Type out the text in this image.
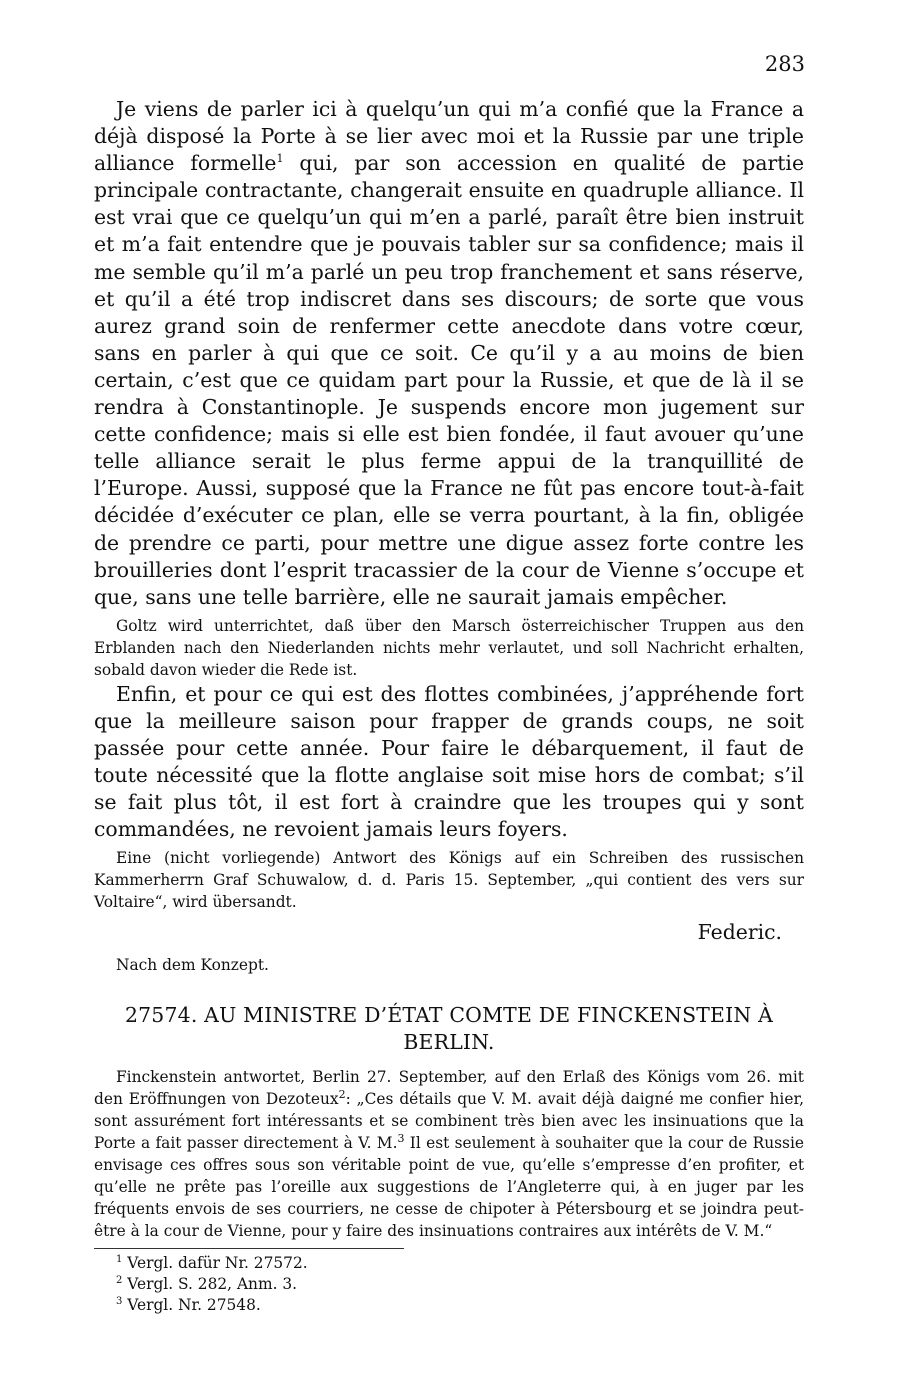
283

Je viens de parler ici à quelqu’un qui m’a confié que la France a déjà disposé la Porte à se lier avec moi et la Russie par une triple alliance formelle$^1$ qui, par son accession en qualité de partie principale contractante, changerait ensuite en quadruple alliance. Il est vrai que ce quelqu’un qui m’en a parlé, paraît être bien instruit et m’a fait entendre que je pouvais tabler sur sa confidence; mais il me semble qu’il m’a parlé un peu trop franchement et sans réserve, et qu’il a été trop indiscret dans ses discours; de sorte que vous aurez grand soin de renfermer cette anecdote dans votre cœur, sans en parler à qui que ce soit. Ce qu’il y a au moins de bien certain, c’est que ce quidam part pour la Russie, et que de là il se rendra à Constantinople. Je suspends encore mon jugement sur cette confidence; mais si elle est bien fondée, il faut avouer qu’une telle alliance serait le plus ferme appui de la tranquillité de l’Europe. Aussi, supposé que la France ne fût pas encore tout-à-fait décidée d’exécuter ce plan, elle se verra pourtant, à la fin, obligée de prendre ce parti, pour mettre une digue assez forte contre les brouilleries dont l’esprit tracassier de la cour de Vienne s’occupe et que, sans une telle barrière, elle ne saurait jamais empêcher.

Goltz wird unterrichtet, daß über den Marsch österreichischer Truppen aus den Erblanden nach den Niederlanden nichts mehr verlautet, und soll Nachricht erhalten, sobald davon wieder die Rede ist.

Enfin, et pour ce qui est des flottes combinées, j’appréhende fort que la meilleure saison pour frapper de grands coups, ne soit passée pour cette année. Pour faire le débarquement, il faut de toute nécessité que la flotte anglaise soit mise hors de combat; s’il se fait plus tôt, il est fort à craindre que les troupes qui y sont commandées, ne revoient jamais leurs foyers.

Eine (nicht vorliegende) Antwort des Königs auf ein Schreiben des russischen Kammerherrn Graf Schuwalow, d. d. Paris 15. September, „qui contient des vers sur Voltaire“, wird übersandt.

Federic.
Nach dem Konzept.
27574. AU MINISTRE D’ÉTAT COMTE DE FINCKENSTEIN À BERLIN.

Finckenstein antwortet, Berlin 27. September, auf den Erlaß des Königs vom 26. mit den Eröffnungen von Dezoteux$^2$: „Ces détails que V. M. avait déjà daigné me confier hier, sont assurément fort intéressants et se combinent très bien avec les insinuations que la Porte a fait passer directement à V. M.$^3$ Il est seulement à souhaiter que la cour de Russie envisage ces offres sous son véritable point de vue, qu’elle s’empresse d’en profiter, et qu’elle ne prête pas l’oreille aux suggestions de l’Angleterre qui, à en juger par les fréquents envois de ses courriers, ne cesse de chipoter à Pétersbourg et se joindra peut-être à la cour de Vienne, pour y faire des insinuations contraires aux intérêts de V. M.“

$^1$ Vergl. dafür Nr. 27572.

$^2$ Vergl. S. 282, Anm. 3.

$^3$ Vergl. Nr. 27548.
